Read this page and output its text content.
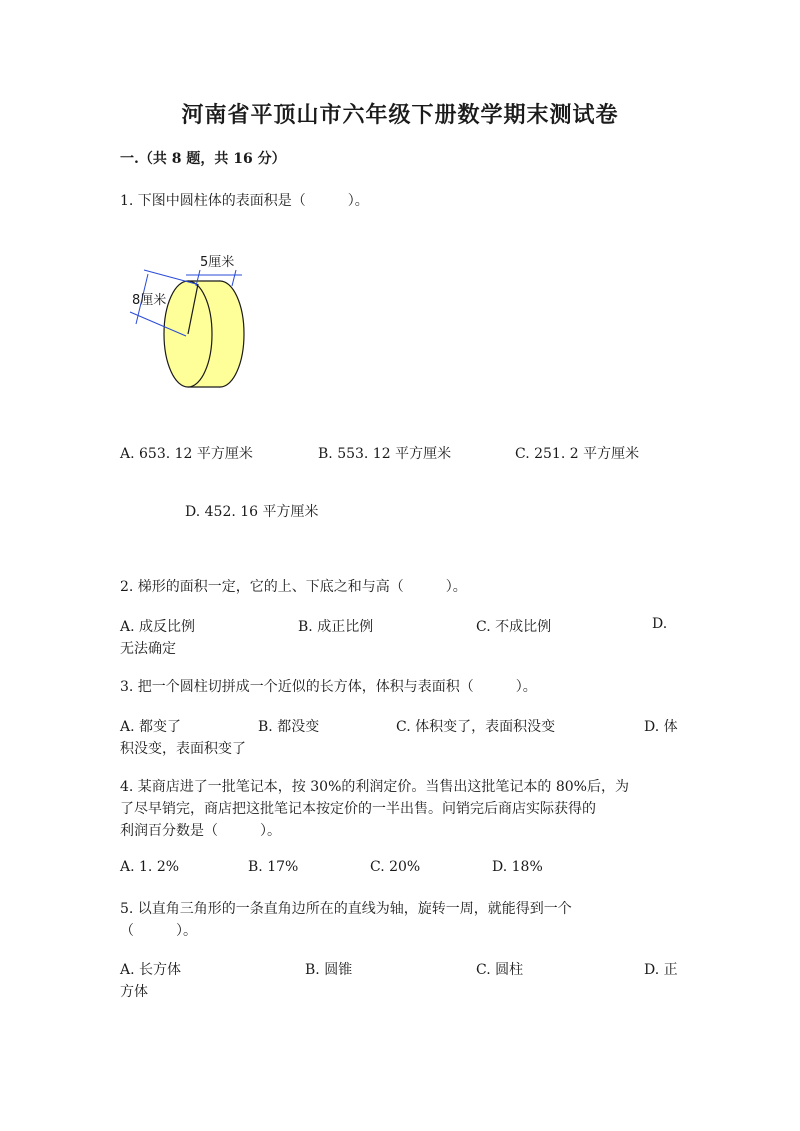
河南省平顶山市六年级下册数学期末测试卷
一.（共 8 题，共 16 分）
1. 下图中圆柱体的表面积是（　　　）。
5厘米
8厘米
A. 653. 12 平方厘米	B. 553. 12 平方厘米	C. 251. 2 平方厘米
D. 452. 16 平方厘米
2. 梯形的面积一定，它的上、下底之和与高（　　　）。
A. 成反比例	B. 成正比例	C. 不成比例	D.
无法确定
3. 把一个圆柱切拼成一个近似的长方体，体积与表面积（　　　）。
A. 都变了	B. 都没变	C. 体积变了，表面积没变	D. 体
积没变，表面积变了
4. 某商店进了一批笔记本，按 30%的利润定价。当售出这批笔记本的 80%后，为
了尽早销完，商店把这批笔记本按定价的一半出售。问销完后商店实际获得的
利润百分数是（　　　）。
A. 1. 2%	B. 17%	C. 20%	D. 18%
5. 以直角三角形的一条直角边所在的直线为轴，旋转一周，就能得到一个
（　　　）。
A. 长方体	B. 圆锥	C. 圆柱	D. 正
方体
